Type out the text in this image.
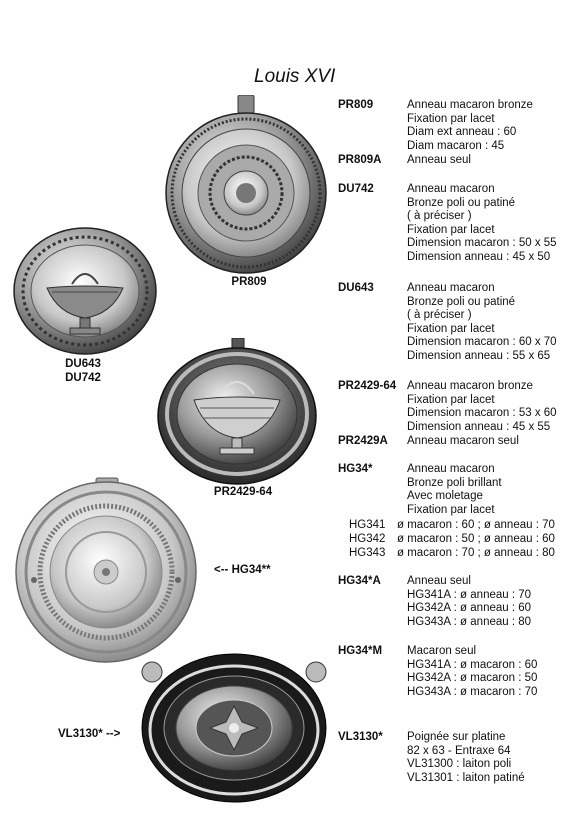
Louis XVI
PR809
DU643
DU742
PR2429-64
<-- HG34**
VL3130* -->
PR809	Anneau macaron bronze
Fixation par lacet
Diam ext anneau : 60
Diam macaron : 45
PR809A Anneau seul
DU742	Anneau macaron
Bronze poli ou patiné
( à préciser )
Fixation par lacet
Dimension macaron : 50 x 55
Dimension anneau : 45 x 50
DU643	Anneau macaron
Bronze poli ou patiné
( à préciser )
Fixation par lacet
Dimension macaron : 60 x 70
Dimension anneau : 55 x 65
PR2429-64 Anneau macaron bronze
Fixation par lacet
Dimension macaron : 53 x 60
Dimension anneau : 45 x 55
PR2429A Anneau macaron seul
HG34*	Anneau macaron
Bronze poli brillant
Avec moletage
Fixation par lacet
HG341 ø macaron : 60 ; ø anneau : 70
HG342 ø macaron : 50 ; ø anneau : 60
HG343 ø macaron : 70 ; ø anneau : 80
HG34*A Anneau seul
HG341A : ø anneau : 70
HG342A : ø anneau : 60
HG343A : ø anneau : 80
HG34*M Macaron seul
HG341A : ø macaron : 60
HG342A : ø macaron : 50
HG343A : ø macaron : 70
VL3130* Poignée sur platine
82 x 63 - Entraxe 64
VL31300 : laiton poli
VL31301 : laiton patiné
